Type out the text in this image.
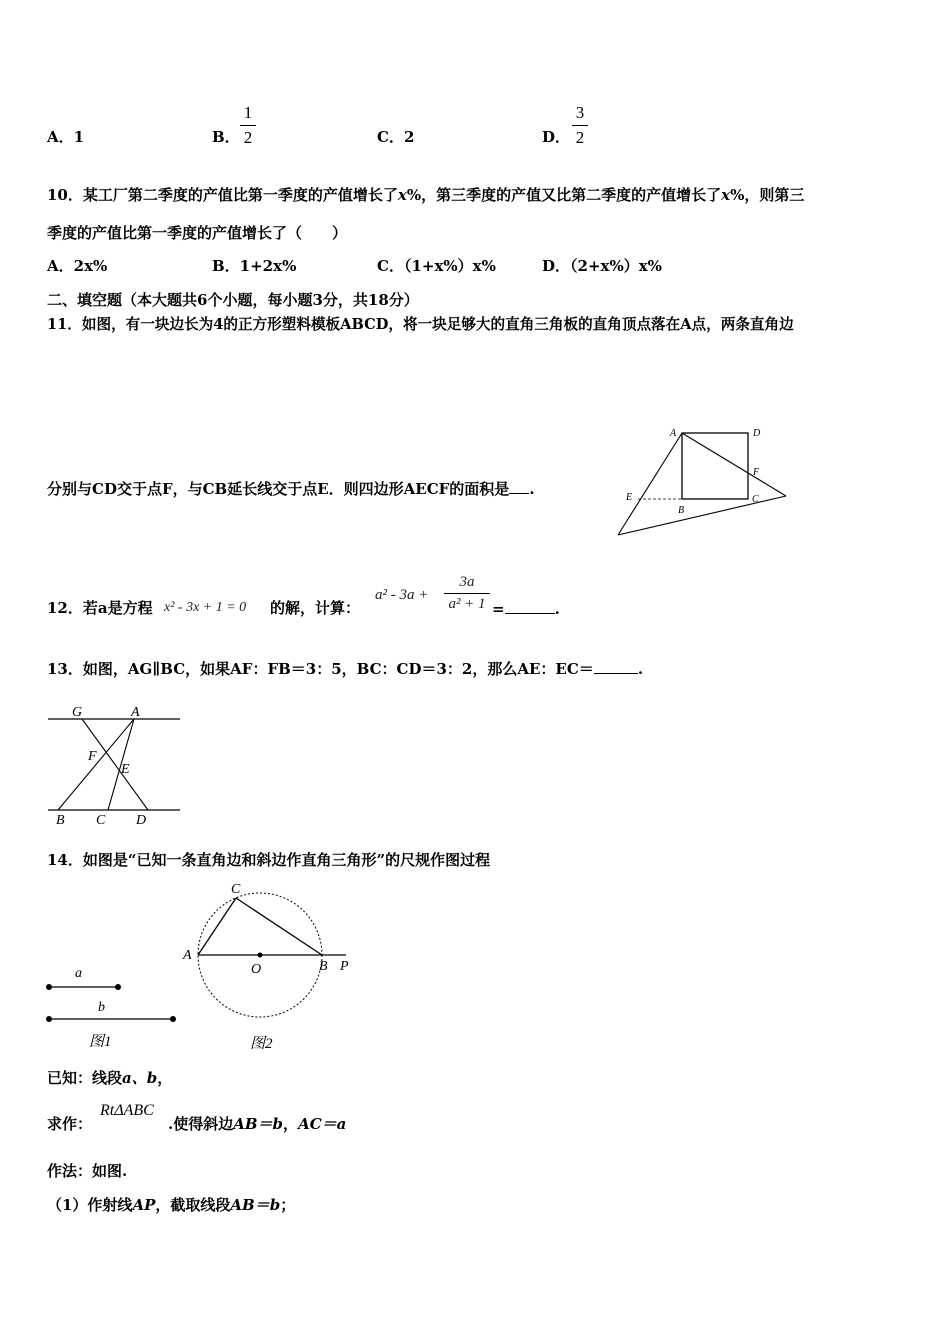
A．1	B．
1
2	C．2	D．
3
2
10．某工厂第二季度的产值比第一季度的产值增长了x%，第三季度的产值又比第二季度的产值增长了x%，则第三
季度的产值比第一季度的产值增长了（　　）
A．2x%	B．1+2x%	C．（1+x%）x%	D．（2+x%）x%
二、填空题（本大题共6个小题，每小题3分，共18分）
11．如图，有一块边长为4的正方形塑料模板ABCD，将一块足够大的直角三角板的直角顶点落在A点，两条直角边
分别与CD交于点F，与CB延长线交于点E．则四边形AECF的面积是 .
A	D
F
E
B
C
12．若a是方程 x² - 3x + 1 = 0 的解，计算：
a² - 3a +
3a
a² + 1 =	.
13．如图，AG∥BC，如果AF：FB＝3：5，BC：CD＝3：2，那么AE：EC＝	.
G	A
F
E
B C D
14．如图是“已知一条直角边和斜边作直角三角形”的尺规作图过程
a
b
图1
C
A
O	B P
图2
已知：线段a、b，
求作：
RtΔABC
.使得斜边AB＝b，AC＝a
作法：如图.
（1）作射线AP，截取线段AB＝b；
